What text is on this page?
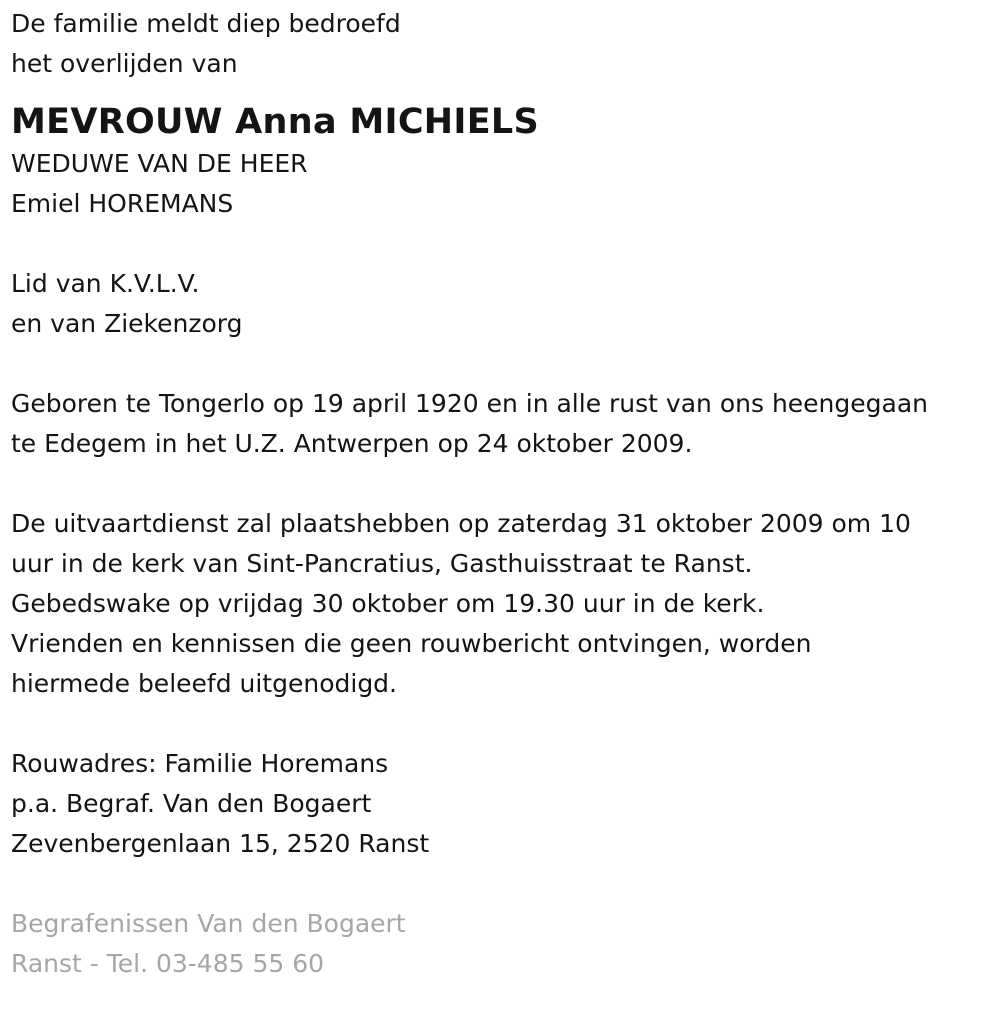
De familie meldt diep bedroefd
het overlijden van
MEVROUW Anna MICHIELS
WEDUWE VAN DE HEER
Emiel HOREMANS
Lid van K.V.L.V.
en van Ziekenzorg
Geboren te Tongerlo op 19 april 1920 en in alle rust van ons heengegaan
te Edegem in het U.Z. Antwerpen op 24 oktober 2009.
De uitvaartdienst zal plaatshebben op zaterdag 31 oktober 2009 om 10
uur in de kerk van Sint-Pancratius, Gasthuisstraat te Ranst.
Gebedswake op vrijdag 30 oktober om 19.30 uur in de kerk.
Vrienden en kennissen die geen rouwbericht ontvingen, worden
hiermede beleefd uitgenodigd.
Rouwadres: Familie Horemans
p.a. Begraf. Van den Bogaert
Zevenbergenlaan 15, 2520 Ranst
Begrafenissen Van den Bogaert
Ranst - Tel. 03-485 55 60
